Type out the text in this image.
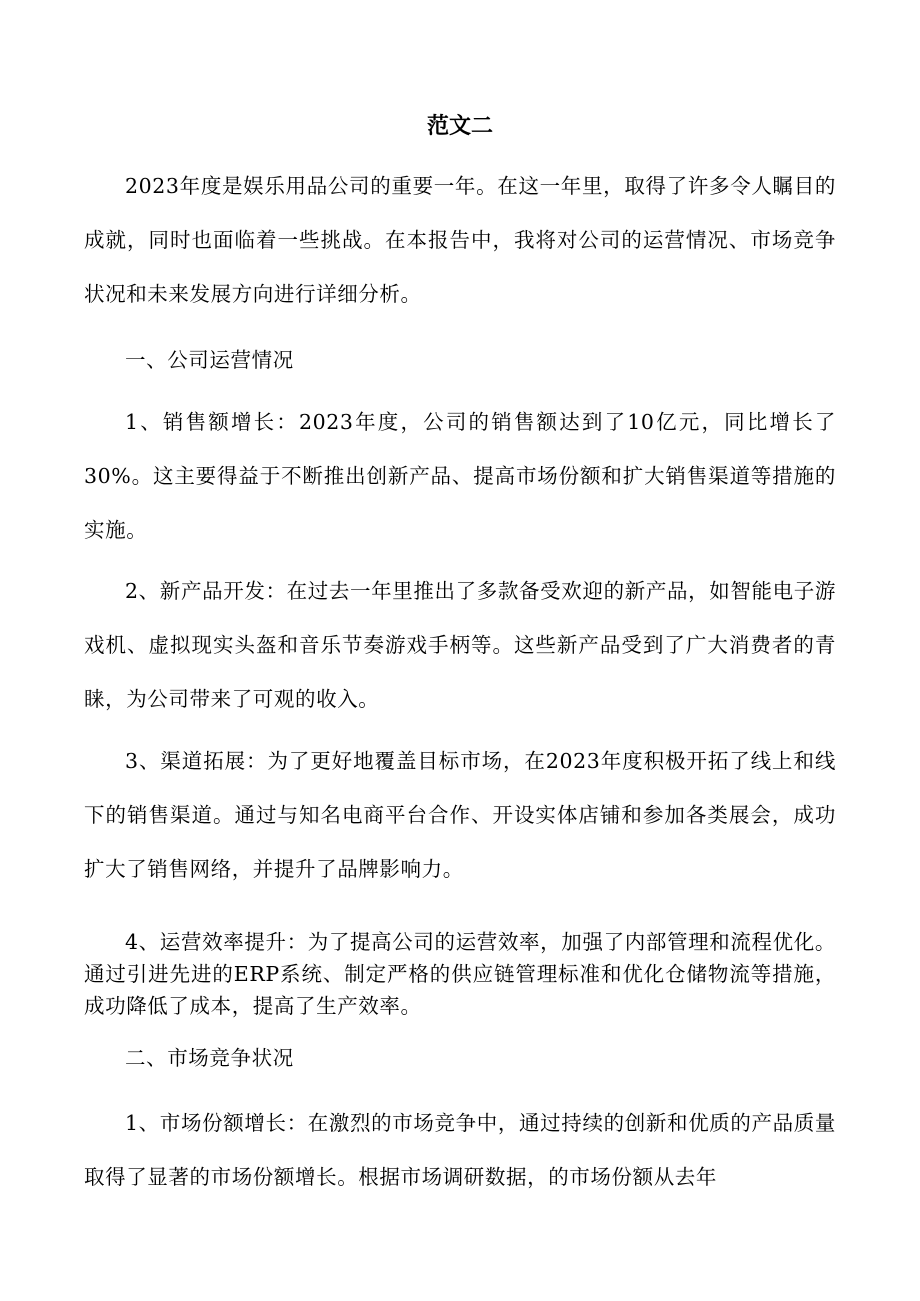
范文二

2023年度是娱乐用品公司的重要一年。在这一年里，取得了许多令人瞩目的成就，同时也面临着一些挑战。在本报告中，我将对公司的运营情况、市场竞争状况和未来发展方向进行详细分析。

一、公司运营情况

1、销售额增长：2023年度，公司的销售额达到了10亿元，同比增长了30%。这主要得益于不断推出创新产品、提高市场份额和扩大销售渠道等措施的实施。

2、新产品开发：在过去一年里推出了多款备受欢迎的新产品，如智能电子游戏机、虚拟现实头盔和音乐节奏游戏手柄等。这些新产品受到了广大消费者的青睐，为公司带来了可观的收入。

3、渠道拓展：为了更好地覆盖目标市场，在2023年度积极开拓了线上和线下的销售渠道。通过与知名电商平台合作、开设实体店铺和参加各类展会，成功扩大了销售网络，并提升了品牌影响力。

4、运营效率提升：为了提高公司的运营效率，加强了内部管理和流程优化。通过引进先进的ERP系统、制定严格的供应链管理标准和优化仓储物流等措施，成功降低了成本，提高了生产效率。

二、市场竞争状况

1、市场份额增长：在激烈的市场竞争中，通过持续的创新和优质的产品质量取得了显著的市场份额增长。根据市场调研数据，的市场份额从去年
